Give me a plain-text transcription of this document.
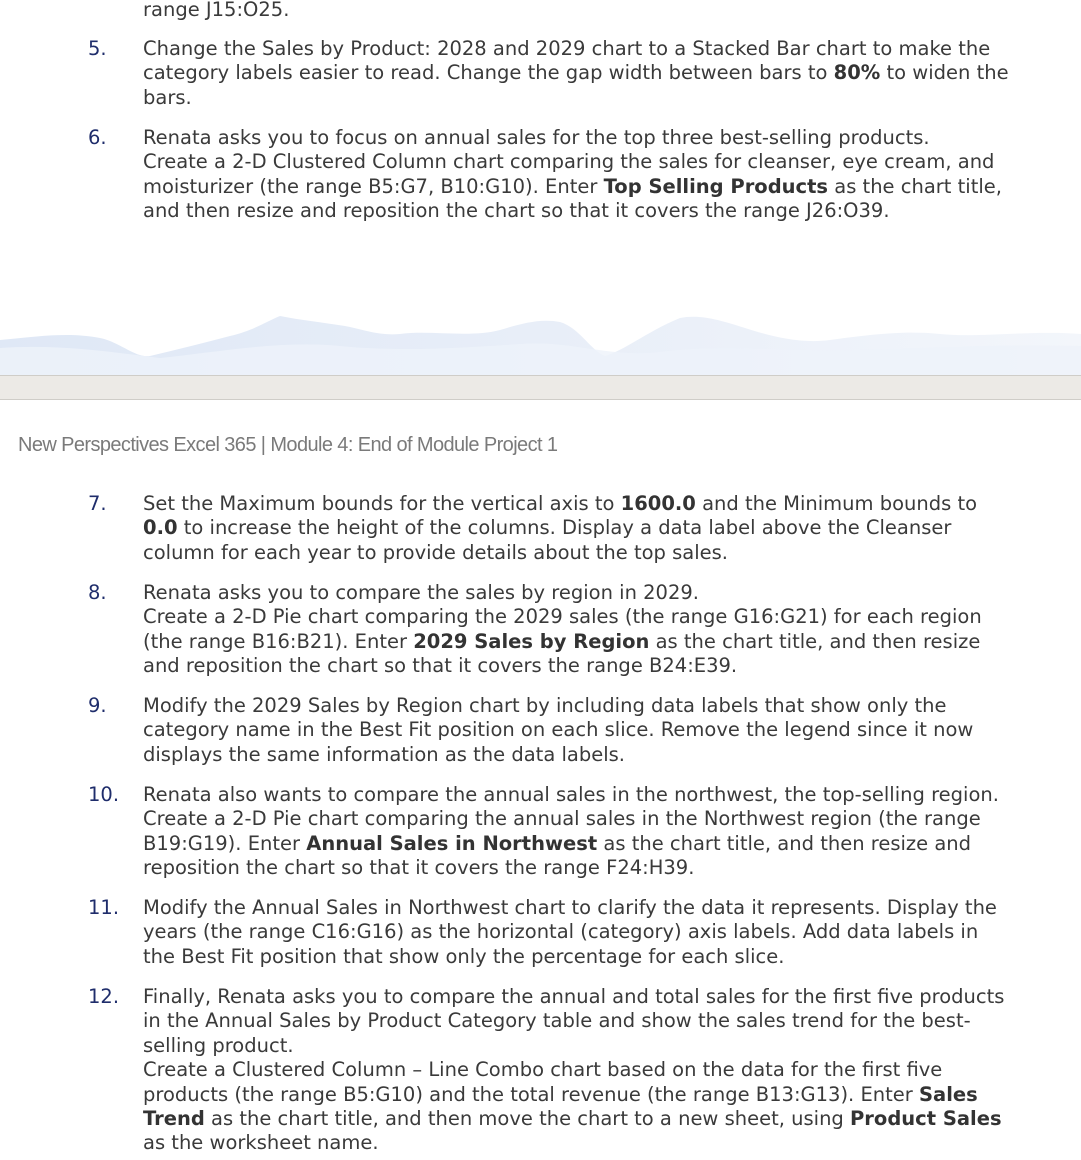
range J15:O25.

5.	Change the Sales by Product: 2028 and 2029 chart to a Stacked Bar chart to make the

category labels easier to read. Change the gap width between bars to 80% to widen the

bars.

6.	Renata asks you to focus on annual sales for the top three best-selling products.

Create a 2-D Clustered Column chart comparing the sales for cleanser, eye cream, and

moisturizer (the range B5:G7, B10:G10). Enter Top Selling Products as the chart title,

and then resize and reposition the chart so that it covers the range J26:O39.

New Perspectives Excel 365 | Module 4: End of Module Project 1
7.	Set the Maximum bounds for the vertical axis to 1600.0 and the Minimum bounds to

0.0 to increase the height of the columns. Display a data label above the Cleanser

column for each year to provide details about the top sales.

8.	Renata asks you to compare the sales by region in 2029.

Create a 2-D Pie chart comparing the 2029 sales (the range G16:G21) for each region

(the range B16:B21). Enter 2029 Sales by Region as the chart title, and then resize

and reposition the chart so that it covers the range B24:E39.

9.	Modify the 2029 Sales by Region chart by including data labels that show only the

category name in the Best Fit position on each slice. Remove the legend since it now

displays the same information as the data labels.

10.	Renata also wants to compare the annual sales in the northwest, the top-selling region.

Create a 2-D Pie chart comparing the annual sales in the Northwest region (the range

B19:G19). Enter Annual Sales in Northwest as the chart title, and then resize and

reposition the chart so that it covers the range F24:H39.

11.	Modify the Annual Sales in Northwest chart to clarify the data it represents. Display the

years (the range C16:G16) as the horizontal (category) axis labels. Add data labels in

the Best Fit position that show only the percentage for each slice.

12.	Finally, Renata asks you to compare the annual and total sales for the first five products

in the Annual Sales by Product Category table and show the sales trend for the best-

selling product.

Create a Clustered Column – Line Combo chart based on the data for the first five

products (the range B5:G10) and the total revenue (the range B13:G13). Enter Sales

Trend as the chart title, and then move the chart to a new sheet, using Product Sales

as the worksheet name.
